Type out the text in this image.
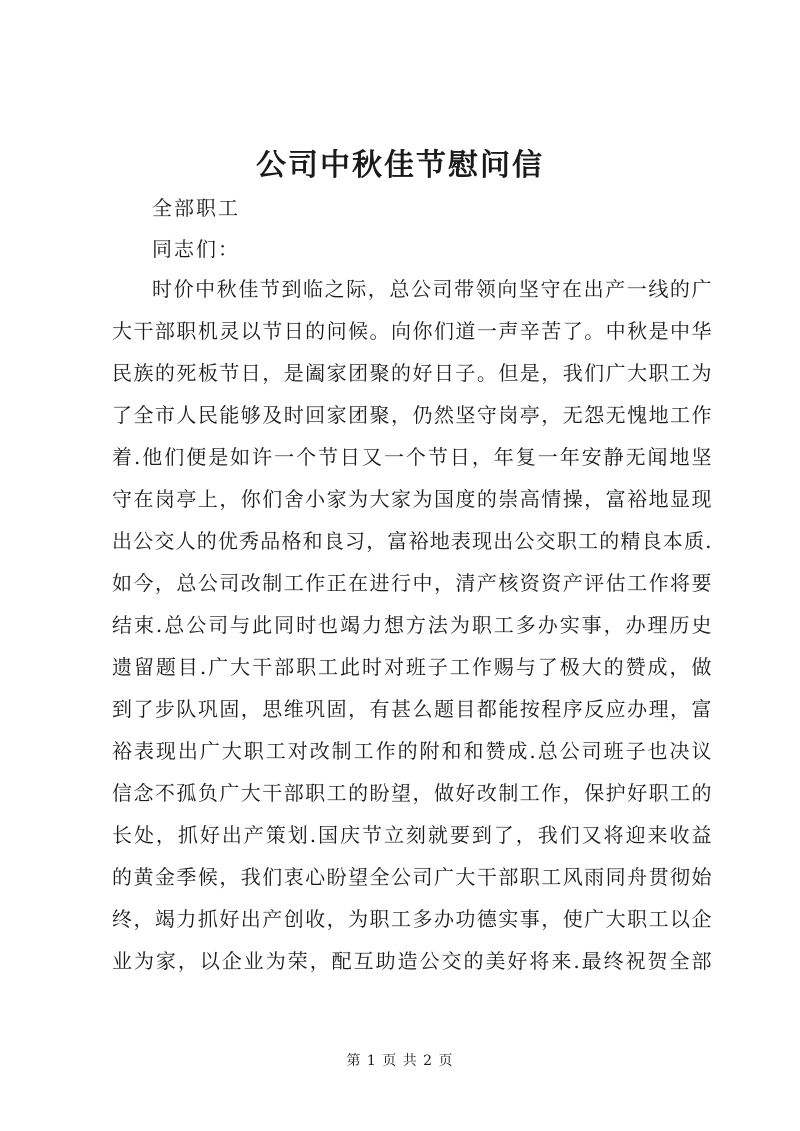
公司中秋佳节慰问信
全部职工
同志们：
时价中秋佳节到临之际，总公司带领向坚守在出产一线的广
大干部职机灵以节日的问候。向你们道一声辛苦了。中秋是中华
民族的死板节日，是阖家团聚的好日子。但是，我们广大职工为
了全市人民能够及时回家团聚，仍然坚守岗亭，无怨无愧地工作
着.他们便是如许一个节日又一个节日，年复一年安静无闻地坚
守在岗亭上，你们舍小家为大家为国度的崇高情操，富裕地显现
出公交人的优秀品格和良习，富裕地表现出公交职工的精良本质.
如今，总公司改制工作正在进行中，清产核资资产评估工作将要
结束.总公司与此同时也竭力想方法为职工多办实事，办理历史
遗留题目.广大干部职工此时对班子工作赐与了极大的赞成，做
到了步队巩固，思维巩固，有甚么题目都能按程序反应办理，富
裕表现出广大职工对改制工作的附和和赞成.总公司班子也决议
信念不孤负广大干部职工的盼望，做好改制工作，保护好职工的
长处，抓好出产策划.国庆节立刻就要到了，我们又将迎来收益
的黄金季候，我们衷心盼望全公司广大干部职工风雨同舟贯彻始
终，竭力抓好出产创收，为职工多办功德实事，使广大职工以企
业为家，以企业为荣，配互助造公交的美好将来.最终祝贺全部
第 1 页 共 2 页
